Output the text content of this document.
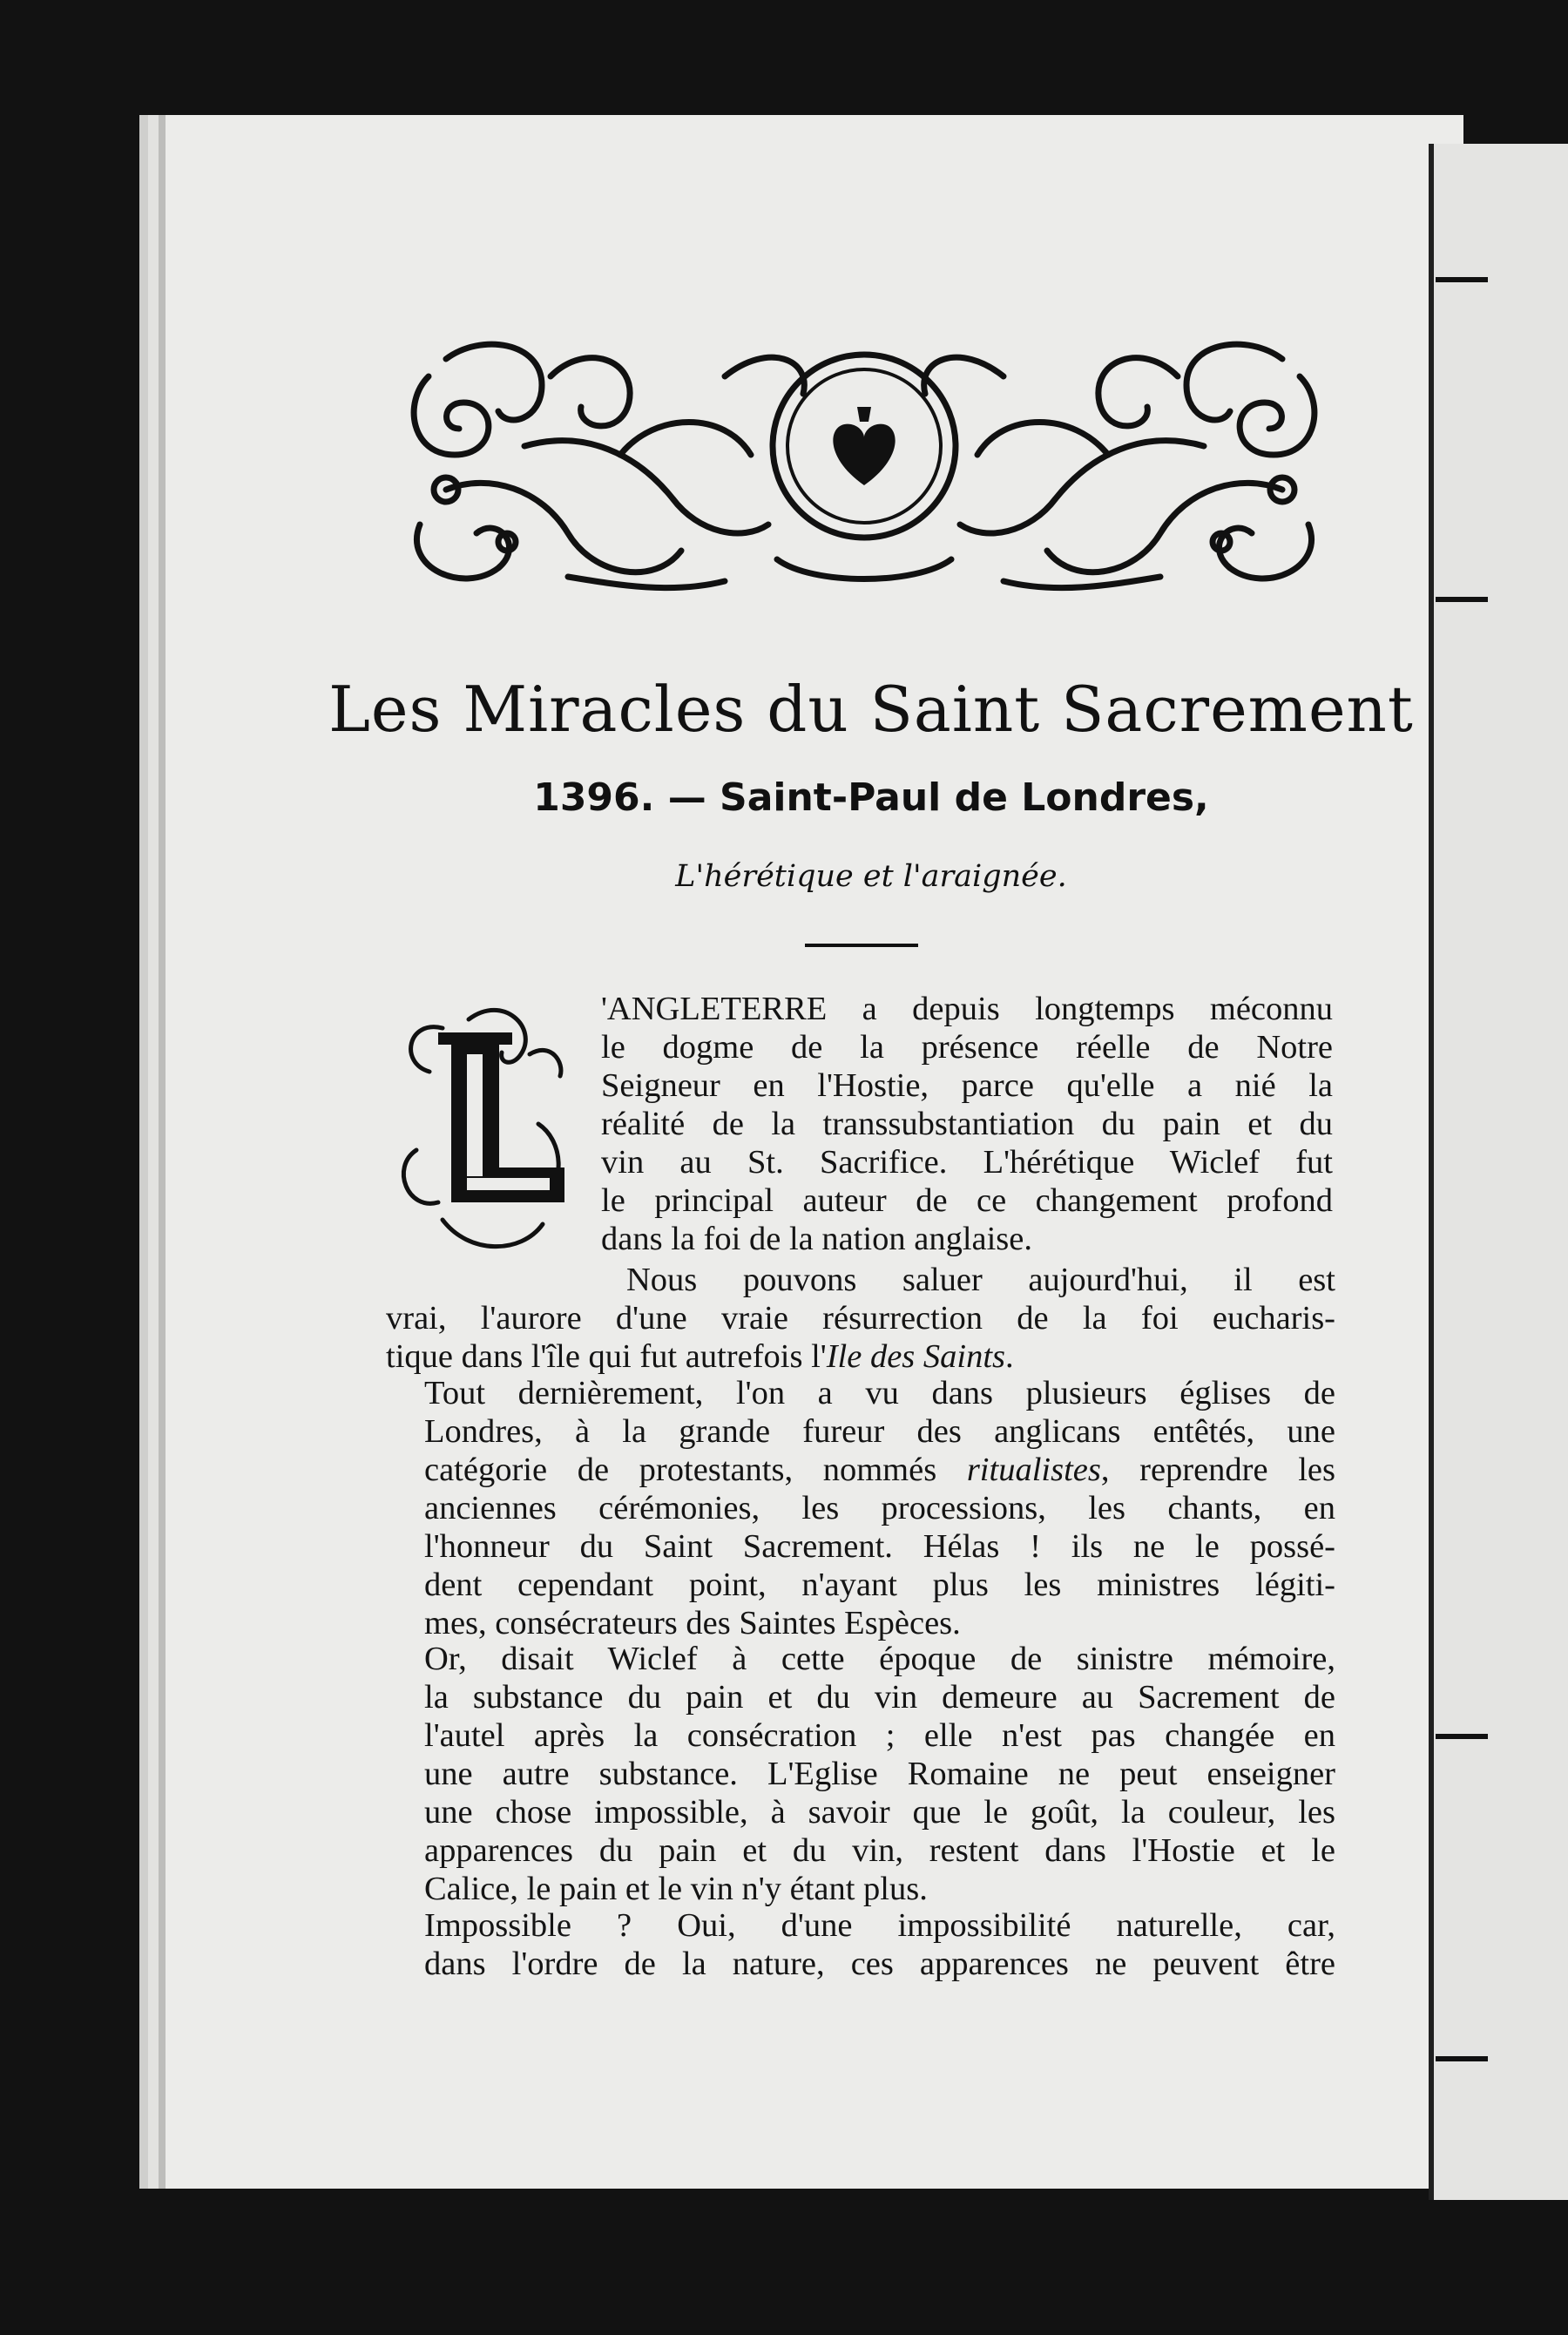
Les Miracles du Saint Sacrement
1396. — Saint-Paul de Londres,
L'hérétique et l'araignée.

'ANGLETERRE a depuis longtemps méconnu
le dogme de la présence réelle de Notre
Seigneur en l'Hostie, parce qu'elle a nié la
réalité de la transsubstantiation du pain et du
vin au St. Sacrifice. L'hérétique Wiclef fut
le principal auteur de ce changement profond
dans la foi de la nation anglaise.

Nous pouvons saluer aujourd'hui, il est
vrai, l'aurore d'une vraie résurrection de la foi eucharis-
tique dans l'île qui fut autrefois l'Ile des Saints.

Tout dernièrement, l'on a vu dans plusieurs églises de
Londres, à la grande fureur des anglicans entêtés, une
catégorie de protestants, nommés ritualistes, reprendre les
anciennes cérémonies, les processions, les chants, en
l'honneur du Saint Sacrement. Hélas ! ils ne le possé-
dent cependant point, n'ayant plus les ministres légiti-
mes, consécrateurs des Saintes Espèces.

Or, disait Wiclef à cette époque de sinistre mémoire,
la substance du pain et du vin demeure au Sacrement de
l'autel après la consécration ; elle n'est pas changée en
une autre substance. L'Eglise Romaine ne peut enseigner
une chose impossible, à savoir que le goût, la couleur, les
apparences du pain et du vin, restent dans l'Hostie et le
Calice, le pain et le vin n'y étant plus.

Impossible ? Oui, d'une impossibilité naturelle, car,
dans l'ordre de la nature, ces apparences ne peuvent être
